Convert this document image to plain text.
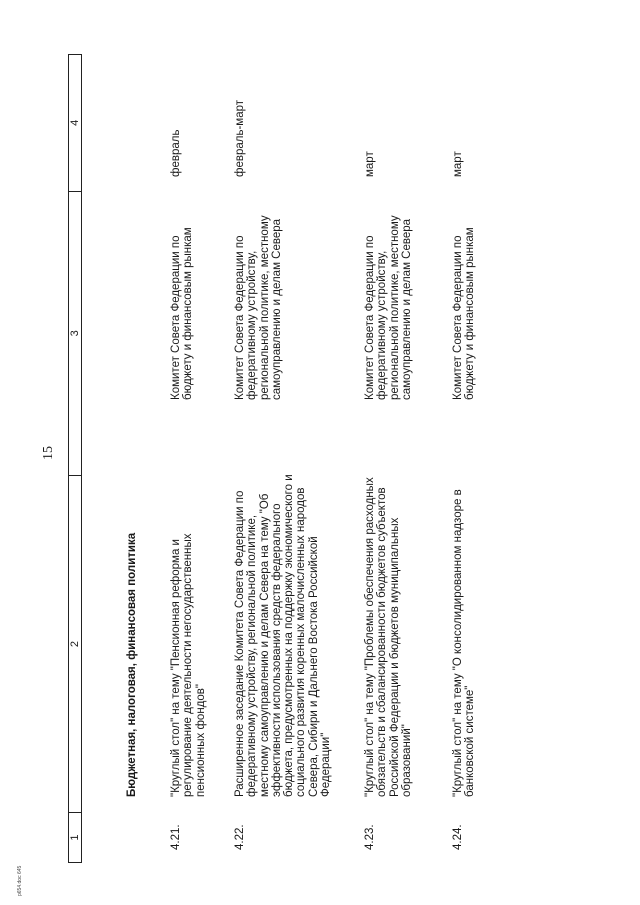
15
1
2
3
4
Бюджетная, налоговая, финансовая политика
4.21.
"Круглый стол" на тему "Пенсионная реформа и регулирование деятельности негосударственных пенсионных фондов"
Комитет Совета Федерации по бюджету и финансовым рынкам
февраль
4.22.
Расширенное заседание Комитета Совета Федерации по федеративному устройству, региональной политике, местному самоуправлению и делам Севера на тему "Об эффективности использования средств федерального бюджета, предусмотренных на поддержку экономического и социального развития коренных малочисленных народов Севера, Сибири и Дальнего Востока Российской Федерации"
Комитет Совета Федерации по федеративному устройству, региональной политике, местному самоуправлению и делам Севера
февраль-март
4.23.
"Круглый стол" на тему "Проблемы обеспечения расходных обязательств и сбалансированности бюджетов субъектов Российской Федерации и бюджетов муниципальных образований"
Комитет Совета Федерации по федеративному устройству, региональной политике, местному самоуправлению и делам Севера
март
4.24.
"Круглый стол" на тему "О консолидированном надзоре в банковской системе"
Комитет Совета Федерации по бюджету и финансовым рынкам
март
p654.doc 645
